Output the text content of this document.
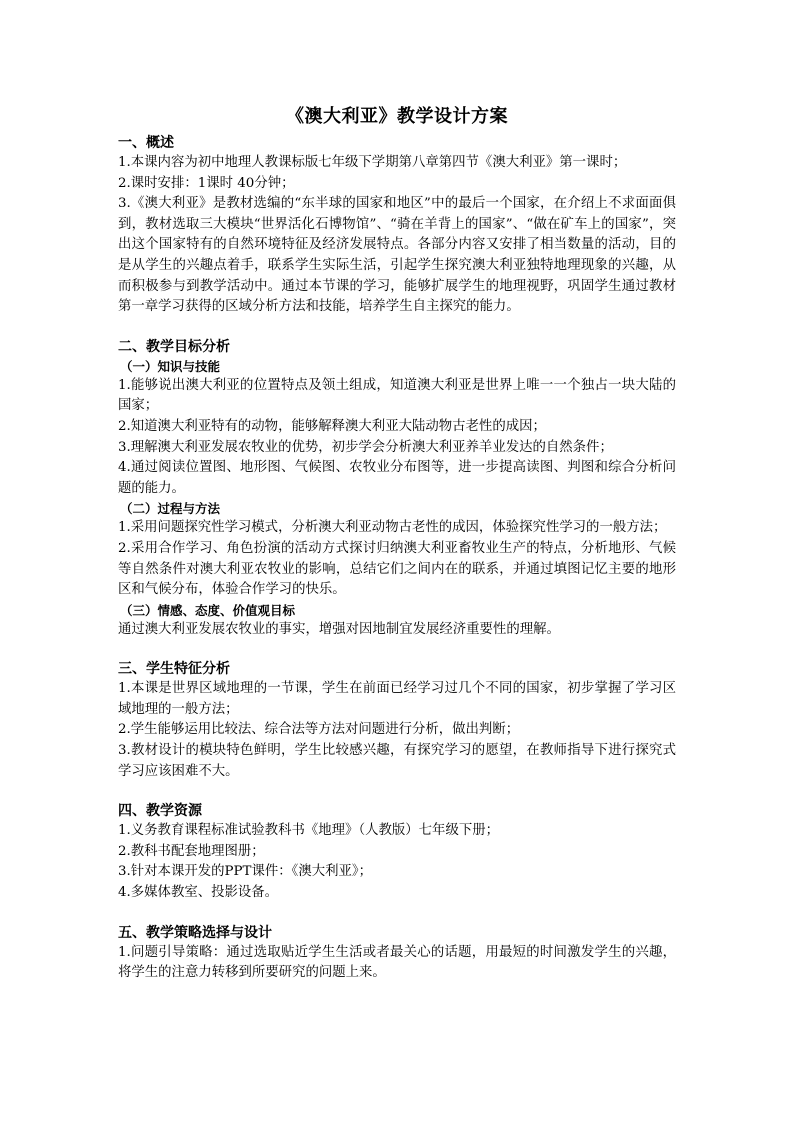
《澳大利亚》教学设计方案
一、概述

1.本课内容为初中地理人教课标版七年级下学期第八章第四节《澳大利亚》第一课时；

2.课时安排：1课时 40分钟；

3.《澳大利亚》是教材选编的“东半球的国家和地区”中的最后一个国家，在介绍上不求面面俱到，教材选取三大模块“世界活化石博物馆”、“骑在羊背上的国家”、“做在矿车上的国家”，突出这个国家特有的自然环境特征及经济发展特点。各部分内容又安排了相当数量的活动，目的是从学生的兴趣点着手，联系学生实际生活，引起学生探究澳大利亚独特地理现象的兴趣，从而积极参与到教学活动中。通过本节课的学习，能够扩展学生的地理视野，巩固学生通过教材第一章学习获得的区域分析方法和技能，培养学生自主探究的能力。

二、教学目标分析
（一）知识与技能

1.能够说出澳大利亚的位置特点及领土组成，知道澳大利亚是世界上唯一一个独占一块大陆的国家；

2.知道澳大利亚特有的动物，能够解释澳大利亚大陆动物古老性的成因；

3.理解澳大利亚发展农牧业的优势，初步学会分析澳大利亚养羊业发达的自然条件；

4.通过阅读位置图、地形图、气候图、农牧业分布图等，进一步提高读图、判图和综合分析问题的能力。

（二）过程与方法

1.采用问题探究性学习模式，分析澳大利亚动物古老性的成因，体验探究性学习的一般方法；

2.采用合作学习、角色扮演的活动方式探讨归纳澳大利亚畜牧业生产的特点，分析地形、气候等自然条件对澳大利亚农牧业的影响，总结它们之间内在的联系，并通过填图记忆主要的地形区和气候分布，体验合作学习的快乐。

（三）情感、态度、价值观目标

通过澳大利亚发展农牧业的事实，增强对因地制宜发展经济重要性的理解。

三、学生特征分析

1.本课是世界区域地理的一节课，学生在前面已经学习过几个不同的国家，初步掌握了学习区域地理的一般方法；

2.学生能够运用比较法、综合法等方法对问题进行分析，做出判断；

3.教材设计的模块特色鲜明，学生比较感兴趣，有探究学习的愿望，在教师指导下进行探究式学习应该困难不大。

四、教学资源

1.义务教育课程标准试验教科书《地理》（人教版）七年级下册；

2.教科书配套地理图册；

3.针对本课开发的PPT课件：《澳大利亚》；

4.多媒体教室、投影设备。

五、教学策略选择与设计

1.问题引导策略：通过选取贴近学生生活或者最关心的话题，用最短的时间激发学生的兴趣，将学生的注意力转移到所要研究的问题上来。
